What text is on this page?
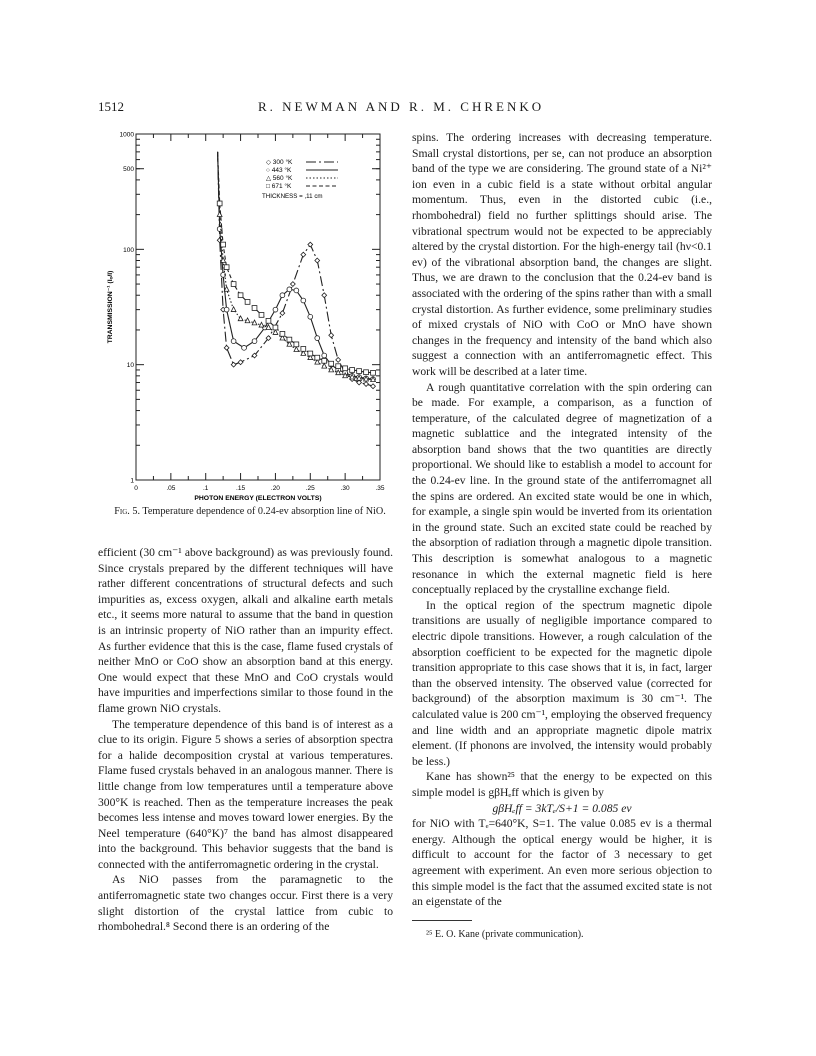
1512	R. NEWMAN AND R. M. CHRENKO
0	.05	.1	.15	.20	.25	.30	.35
1
10
100
500
1000
PHOTON ENERGY (ELECTRON VOLTS)
TRANSMISSION⁻¹ (Iₒ/I)
◇ 300 °K
○ 443 °K
△ 560 °K
□ 671 °K
THICKNESS = ,11 cm
Fig. 5. Temperature dependence of 0.24-ev absorption line of NiO.

efficient (30 cm⁻¹ above background) as was previously found. Since crystals prepared by the different techniques will have rather different concentrations of structural defects and such impurities as, excess oxygen, alkali and alkaline earth metals etc., it seems more natural to assume that the band in question is an intrinsic property of NiO rather than an impurity effect. As further evidence that this is the case, flame fused crystals of neither MnO or CoO show an absorption band at this energy. One would expect that these MnO and CoO crystals would have impurities and imperfections similar to those found in the flame grown NiO crystals.

The temperature dependence of this band is of interest as a clue to its origin. Figure 5 shows a series of absorption spectra for a halide decomposition crystal at various temperatures. Flame fused crystals behaved in an analogous manner. There is little change from low temperatures until a temperature above 300°K is reached. Then as the temperature increases the peak becomes less intense and moves toward lower energies. By the Neel temperature (640°K)⁷ the band has almost disappeared into the background. This behavior suggests that the band is connected with the antiferromagnetic ordering in the crystal.

As NiO passes from the paramagnetic to the antiferromagnetic state two changes occur. First there is a very slight distortion of the crystal lattice from cubic to rhombohedral.⁸ Second there is an ordering of the

spins. The ordering increases with decreasing temperature. Small crystal distortions, per se, can not produce an absorption band of the type we are considering. The ground state of a Ni²⁺ ion even in a cubic field is a state without orbital angular momentum. Thus, even in the distorted cubic (i.e., rhombohedral) field no further splittings should arise. The vibrational spectrum would not be expected to be appreciably altered by the crystal distortion. For the high-energy tail (hν<0.1 ev) of the vibrational absorption band, the changes are slight. Thus, we are drawn to the conclusion that the 0.24-ev band is associated with the ordering of the spins rather than with a small crystal distortion. As further evidence, some preliminary studies of mixed crystals of NiO with CoO or MnO have shown changes in the frequency and intensity of the band which also suggest a connection with an antiferromagnetic effect. This work will be described at a later time.

A rough quantitative correlation with the spin ordering can be made. For example, a comparison, as a function of temperature, of the calculated degree of magnetization of a magnetic sublattice and the integrated intensity of the absorption band shows that the two quantities are directly proportional. We should like to establish a model to account for the 0.24-ev line. In the ground state of the antiferromagnet all the spins are ordered. An excited state would be one in which, for example, a single spin would be inverted from its orientation in the ground state. Such an excited state could be reached by the absorption of radiation through a magnetic dipole transition. This description is somewhat analogous to a magnetic resonance in which the external magnetic field is here conceptually replaced by the crystalline exchange field.

In the optical region of the spectrum magnetic dipole transitions are usually of negligible importance compared to electric dipole transitions. However, a rough calculation of the absorption coefficient to be expected for the magnetic dipole transition appropriate to this case shows that it is, in fact, larger than the observed intensity. The observed value (corrected for background) of the absorption maximum is 30 cm⁻¹. The calculated value is 200 cm⁻¹, employing the observed frequency and line width and an appropriate magnetic dipole matrix element. (If phonons are involved, the intensity would probably be less.)

Kane has shown²⁵ that the energy to be expected on this simple model is gβHₑff which is given by

gβHₑff = 3kTₑ/S+1 = 0.085 ev

for NiO with Tₑ=640°K, S=1. The value 0.085 ev is a thermal energy. Although the optical energy would be higher, it is difficult to account for the factor of 3 necessary to get agreement with experiment. An even more serious objection to this simple model is the fact that the assumed excited state is not an eigenstate of the

²⁵ E. O. Kane (private communication).
